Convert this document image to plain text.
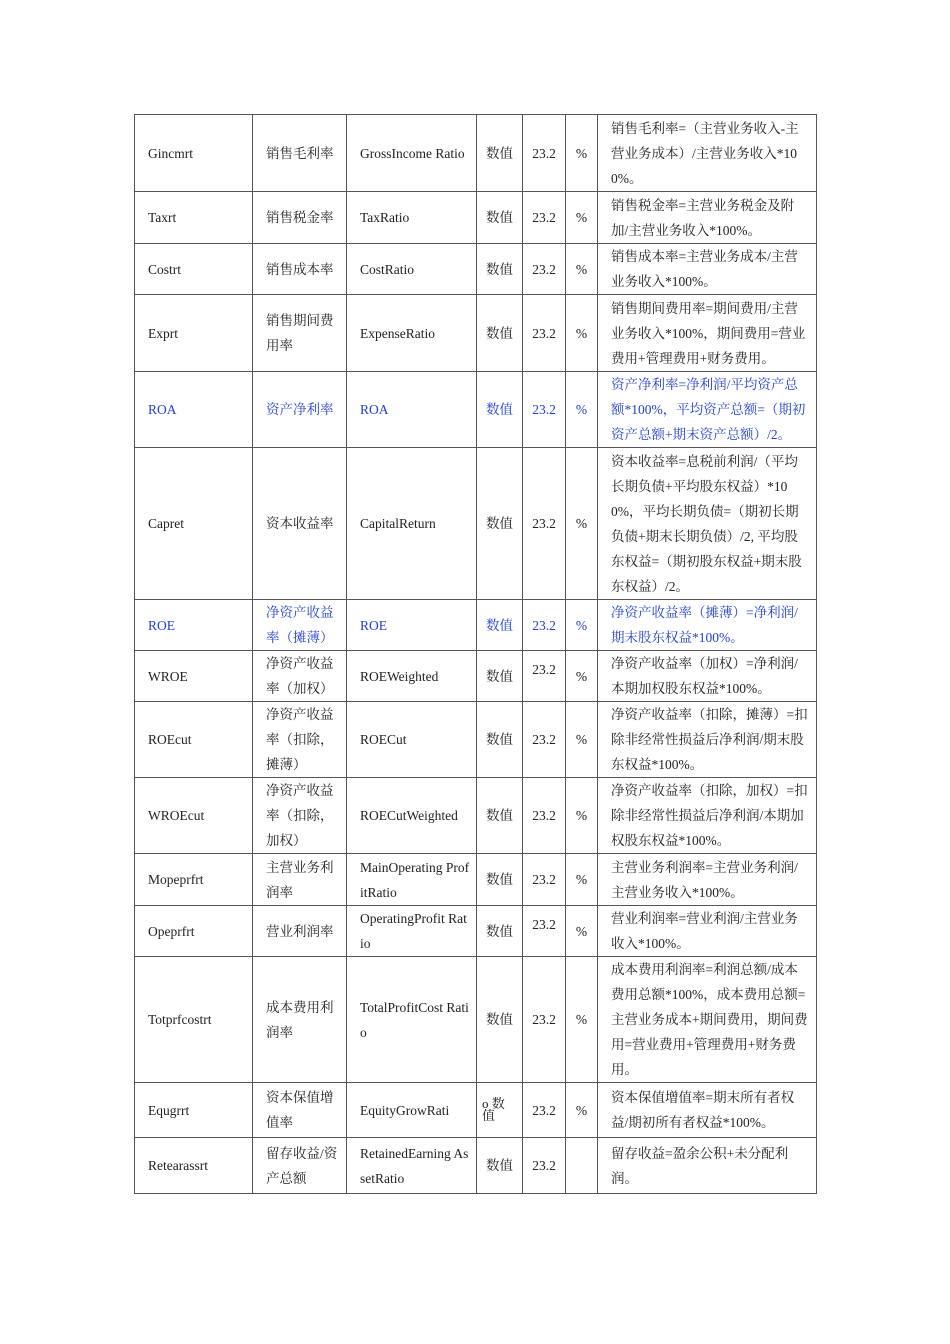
Gincmrt	销售毛利率	GrossIncome Ratio	数值	23.2	%	销售毛利率=（主营业务收入-主营业务成本）/主营业务收入*100%。
Taxrt	销售税金率	TaxRatio	数值	23.2	%	销售税金率=主营业务税金及附加/主营业务收入*100%。
Costrt	销售成本率	CostRatio	数值	23.2	%	销售成本率=主营业务成本/主营业务收入*100%。
Exprt	销售期间费用率	ExpenseRatio	数值	23.2	%	销售期间费用率=期间费用/主营业务收入*100%，期间费用=营业费用+管理费用+财务费用。
ROA	资产净利率	ROA	数值	23.2	%	资产净利率=净利润/平均资产总额*100%，平均资产总额=（期初资产总额+期末资产总额）/2。
Capret	资本收益率	CapitalReturn	数值	23.2	%	资本收益率=息税前利润/（平均长期负债+平均股东权益）*100%，平均长期负债=（期初长期负债+期末长期负债）/2, 平均股东权益=（期初股东权益+期末股东权益）/2。
ROE	净资产收益率（摊薄）	ROE	数值	23.2	%	净资产收益率（摊薄）=净利润/期末股东权益*100%。
WROE	净资产收益率（加权）	ROEWeighted	数值	23.2	%	净资产收益率（加权）=净利润/本期加权股东权益*100%。
ROEcut	净资产收益率（扣除，摊薄）	ROECut	数值	23.2	%	净资产收益率（扣除，摊薄）=扣除非经常性损益后净利润/期末股东权益*100%。
WROEcut	净资产收益率（扣除，加权）	ROECutWeighted	数值	23.2	%	净资产收益率（扣除，加权）=扣除非经常性损益后净利润/本期加权股东权益*100%。
Mopeprfrt	主营业务利润率	MainOperating ProfitRatio	数值	23.2	%	主营业务利润率=主营业务利润/主营业务收入*100%。
Opeprfrt	营业利润率	OperatingProfit Ratio	数值	23.2	%	营业利润率=营业利润/主营业务收入*100%。
Totprfcostrt	成本费用利润率	TotalProfitCost Ratio	数值	23.2	%	成本费用利润率=利润总额/成本费用总额*100%，成本费用总额=主营业务成本+期间费用，期间费用=营业费用+管理费用+财务费用。
Equgrrt	资本保值增值率	EquityGrowRati	o 数值	23.2	%	资本保值增值率=期末所有者权益/期初所有者权益*100%。
Retearassrt	留存收益/资产总额	RetainedEarning AssetRatio	数值	23.2		留存收益=盈余公积+未分配利润。
